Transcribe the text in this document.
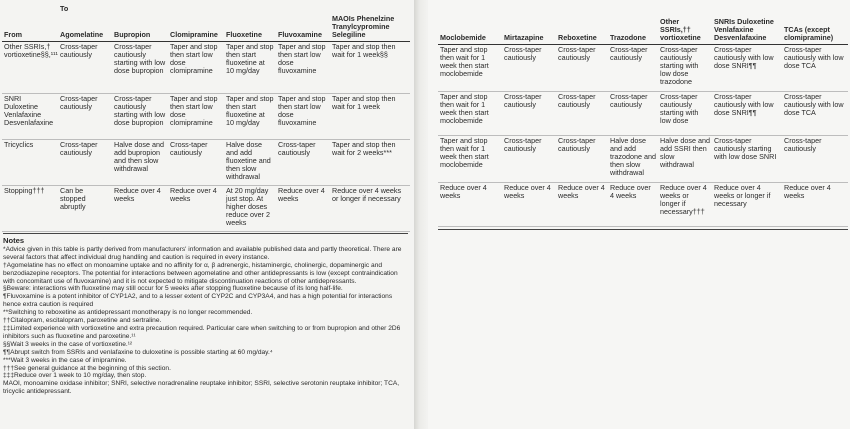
	To					
From	Agomelatine	Bupropion	Clomipramine	Fluoxetine	Fluvoxamine	MAOIs Phenelzine Tranylcypromine Selegiline
Other SSRIs,† vortioxetine§§,¹¹¹	Cross-taper cautiously	Cross-taper cautiously starting with low dose bupropion	Taper and stop then start low dose clomipramine	Taper and stop then start fluoxetine at 10 mg/day	Taper and stop then start low dose fluvoxamine	Taper and stop then wait for 1 week§§
SNRI Duloxetine Venlafaxine Desvenlafaxine	Cross-taper cautiously	Cross-taper cautiously starting with low dose bupropion	Taper and stop then start low dose clomipramine	Taper and stop then start fluoxetine at 10 mg/day	Taper and stop then start low dose fluvoxamine	Taper and stop then wait for 1 week
Tricyclics	Cross-taper cautiously	Halve dose and add bupropion and then slow withdrawal	Cross-taper cautiously	Halve dose and add fluoxetine and then slow withdrawal	Cross-taper cautiously	Taper and stop then wait for 2 weeks***
Stopping†††	Can be stopped abruptly	Reduce over 4 weeks	Reduce over 4 weeks	At 20 mg/day just stop. At higher doses reduce over 2 weeks	Reduce over 4 weeks	Reduce over 4 weeks or longer if necessary
Notes

*Advice given in this table is partly derived from manufacturers' information and available published data and partly theoretical. There are several factors that affect individual drug handling and caution is required in every instance.

†Agomelatine has no effect on monoamine uptake and no affinity for α, β adrenergic, histaminergic, cholinergic, dopaminergic and benzodiazepine receptors. The potential for interactions between agomelatine and other antidepressants is low (except contraindication with concomitant use of fluvoxamine) and it is not expected to mitigate discontinuation reactions of other antidepressants.

§Beware: interactions with fluoxetine may still occur for 5 weeks after stopping fluoxetine because of its long half-life.

¶Fluvoxamine is a potent inhibitor of CYP1A2, and to a lesser extent of CYP2C and CYP3A4, and has a high potential for interactions hence extra caution is required

**Switching to reboxetine as antidepressant monotherapy is no longer recommended.

††Citalopram, escitalopram, paroxetine and sertraline.

‡‡Limited experience with vortioxetine and extra precaution required. Particular care when switching to or from bupropion and other 2D6 inhibitors such as fluoxetine and paroxetine.¹¹

§§Wait 3 weeks in the case of vortioxetine.¹²

¶¶Abrupt switch from SSRIs and venlafaxine to duloxetine is possible starting at 60 mg/day.⁴

***Wait 3 weeks in the case of imipramine.

†††See general guidance at the beginning of this section.

‡‡‡Reduce over 1 week to 10 mg/day, then stop.

MAOI, monoamine oxidase inhibitor; SNRI, selective noradrenaline reuptake inhibitor; SSRI, selective serotonin reuptake inhibitor; TCA, tricyclic antidepressant.

Moclobemide	Mirtazapine	Reboxetine	Trazodone	Other SSRIs,†† vortioxetine	SNRIs Duloxetine Venlafaxine Desvenlafaxine	TCAs (except clomipramine)
Taper and stop then wait for 1 week then start moclobemide	Cross-taper cautiously	Cross-taper cautiously	Cross-taper cautiously	Cross-taper cautiously starting with low dose trazodone	Cross-taper cautiously with low dose SNRI¶¶	Cross-taper cautiously with low dose TCA
Taper and stop then wait for 1 week then start moclobemide	Cross-taper cautiously	Cross-taper cautiously	Cross-taper cautiously	Cross-taper cautiously starting with low dose	Cross-taper cautiously with low dose SNRI¶¶	Cross-taper cautiously with low dose TCA
Taper and stop then wait for 1 week then start moclobemide	Cross-taper cautiously	Cross-taper cautiously	Halve dose and add trazodone and then slow withdrawal	Halve dose and add SSRI then slow withdrawal	Cross-taper cautiously starting with low dose SNRI	Cross-taper cautiously
Reduce over 4 weeks	Reduce over 4 weeks	Reduce over 4 weeks	Reduce over 4 weeks	Reduce over 4 weeks or longer if necessary†††	Reduce over 4 weeks or longer if necessary	Reduce over 4 weeks
